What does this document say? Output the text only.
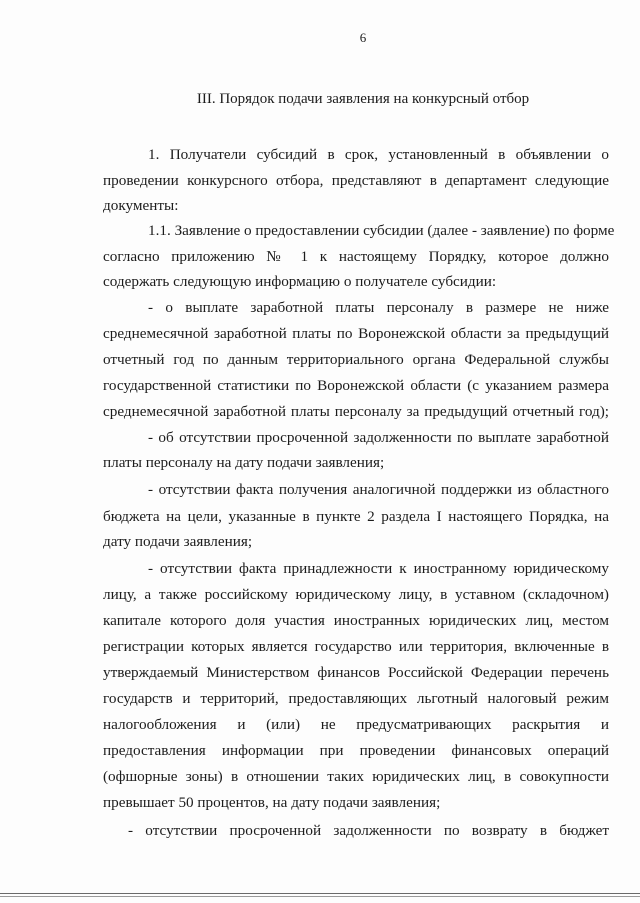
6
III. Порядок подачи заявления на конкурсный отбор
1. Получатели субсидий в срок, установленный в объявлении о
проведении конкурсного отбора, представляют в департамент следующие
документы:
1.1. Заявление о предоставлении субсидии (далее - заявление) по форме
согласно приложению № 1 к настоящему Порядку, которое должно
содержать следующую информацию о получателе субсидии:
- о выплате заработной платы персоналу в размере не ниже
среднемесячной заработной платы по Воронежской области за предыдущий
отчетный год по данным территориального органа Федеральной службы
государственной статистики по Воронежской области (с указанием размера
среднемесячной заработной платы персоналу за предыдущий отчетный год);
- об отсутствии просроченной задолженности по выплате заработной
платы персоналу на дату подачи заявления;
- отсутствии факта получения аналогичной поддержки из областного
бюджета на цели, указанные в пункте 2 раздела I настоящего Порядка, на
дату подачи заявления;
- отсутствии факта принадлежности к иностранному юридическому
лицу, а также российскому юридическому лицу, в уставном (складочном)
капитале которого доля участия иностранных юридических лиц, местом
регистрации которых является государство или территория, включенные в
утверждаемый Министерством финансов Российской Федерации перечень
государств и территорий, предоставляющих льготный налоговый режим
налогообложения и (или) не предусматривающих раскрытия и
предоставления информации при проведении финансовых операций
(офшорные зоны) в отношении таких юридических лиц, в совокупности
превышает 50 процентов, на дату подачи заявления;
- отсутствии просроченной задолженности по возврату в бюджет
